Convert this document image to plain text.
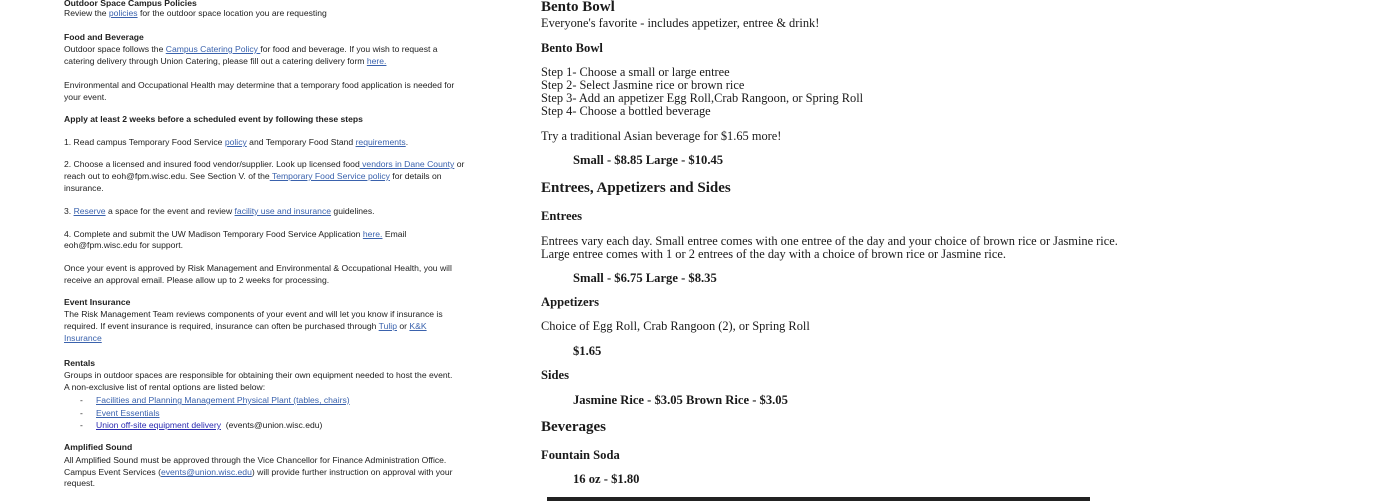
Outdoor Space Campus Policies
Review the policies for the outdoor space location you are requesting
Food and Beverage
Outdoor space follows the Campus Catering Policy for food and beverage. If you wish to request a
catering delivery through Union Catering, please fill out a catering delivery form here.
Environmental and Occupational Health may determine that a temporary food application is needed for
your event.
Apply at least 2 weeks before a scheduled event by following these steps
1. Read campus Temporary Food Service policy and Temporary Food Stand requirements.
2. Choose a licensed and insured food vendor/supplier. Look up licensed food vendors in Dane County or
reach out to eoh@fpm.wisc.edu. See Section V. of the Temporary Food Service policy for details on
insurance.
3. Reserve a space for the event and review facility use and insurance guidelines.
4. Complete and submit the UW Madison Temporary Food Service Application here. Email
eoh@fpm.wisc.edu for support.
Once your event is approved by Risk Management and Environmental & Occupational Health, you will
receive an approval email. Please allow up to 2 weeks for processing.
Event Insurance
The Risk Management Team reviews components of your event and will let you know if insurance is
required. If event insurance is required, insurance can often be purchased through Tulip or K&K
Insurance
Rentals
Groups in outdoor spaces are responsible for obtaining their own equipment needed to host the event.
A non-exclusive list of rental options are listed below:
- Facilities and Planning Management Physical Plant (tables, chairs)
- Event Essentials
- Union off-site equipment delivery  (events@union.wisc.edu)
Amplified Sound
All Amplified Sound must be approved through the Vice Chancellor for Finance Administration Office.
Campus Event Services (events@union.wisc.edu) will provide further instruction on approval with your
request.
Bento Bowl
Everyone's favorite - includes appetizer, entree & drink!
Bento Bowl
Step 1- Choose a small or large entree
Step 2- Select Jasmine rice or brown rice
Step 3- Add an appetizer Egg Roll,Crab Rangoon, or Spring Roll
Step 4- Choose a bottled beverage
Try a traditional Asian beverage for $1.65 more!
Small - $8.85 Large - $10.45
Entrees, Appetizers and Sides
Entrees
Entrees vary each day. Small entree comes with one entree of the day and your choice of brown rice or Jasmine rice.
Large entree comes with 1 or 2 entrees of the day with a choice of brown rice or Jasmine rice.
Small - $6.75 Large - $8.35
Appetizers
Choice of Egg Roll, Crab Rangoon (2), or Spring Roll
$1.65
Sides
Jasmine Rice - $3.05 Brown Rice - $3.05
Beverages
Fountain Soda
16 oz - $1.80
